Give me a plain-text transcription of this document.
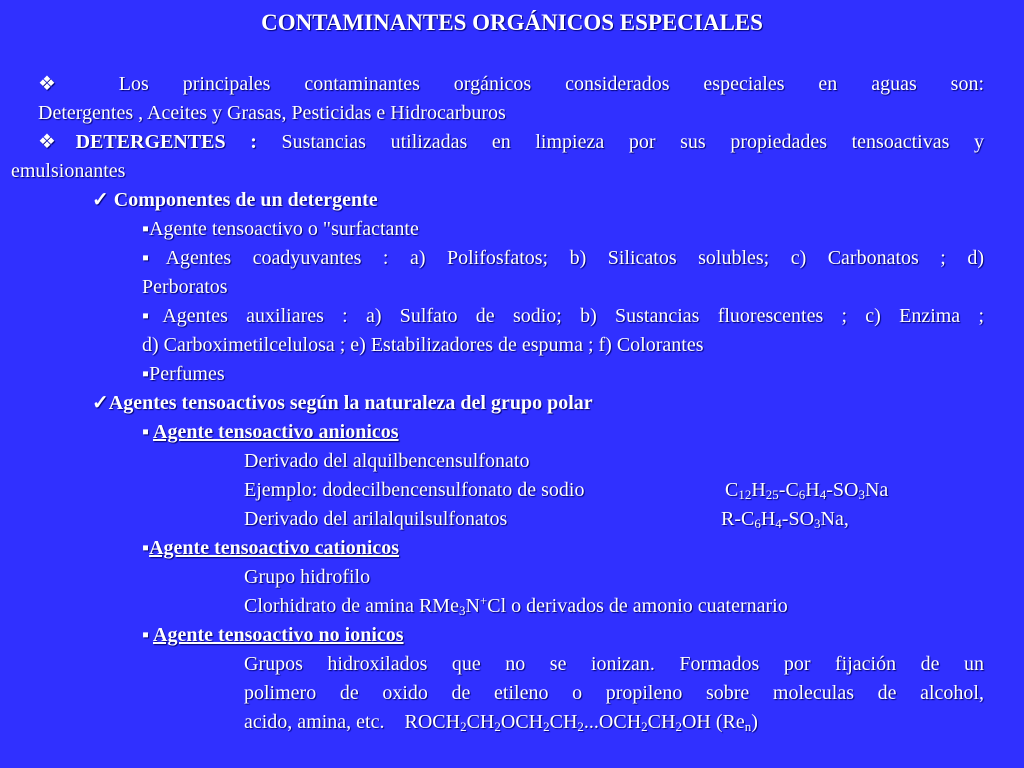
CONTAMINANTES ORGÁNICOS ESPECIALES
❖ Los principales contaminantes orgánicos considerados especiales en aguas son:
Detergentes , Aceites y Grasas, Pesticidas e Hidrocarburos
❖DETERGENTES : Sustancias utilizadas en limpieza por sus propiedades tensoactivas y
emulsionantes
✓ Componentes de un detergente
▪Agente tensoactivo o "surfactante
▪Agentes coadyuvantes : a) Polifosfatos; b) Silicatos solubles; c) Carbonatos ; d)
Perboratos
▪Agentes auxiliares : a) Sulfato de sodio; b) Sustancias fluorescentes ; c) Enzima ;
d) Carboximetilcelulosa ; e) Estabilizadores de espuma ; f) Colorantes
▪Perfumes
✓Agentes tensoactivos según la naturaleza del grupo polar
▪ Agente tensoactivo anionicos
Derivado del alquilbencensulfonato
Ejemplo: dodecilbencensulfonato de sodio	$C_{12}H_{25}-C_6H_4-SO_3Na$
Derivado del arilalquilsulfonatos	$R-C_6H_4-SO_3Na$,
▪Agente tensoactivo cationicos
Grupo hidrofilo
Clorhidrato de amina RMe$_3$N+Cl o derivados de amonio cuaternario
▪ Agente tensoactivo no ionicos
Grupos hidroxilados que no se ionizan. Formados por fijación de un
polimero de oxido de etileno o propileno sobre moleculas de alcohol,
acido, amina, etc.    $ROCH_2CH_2OCH_2CH_2...OCH_2CH_2OH$ $(Re_n)$
